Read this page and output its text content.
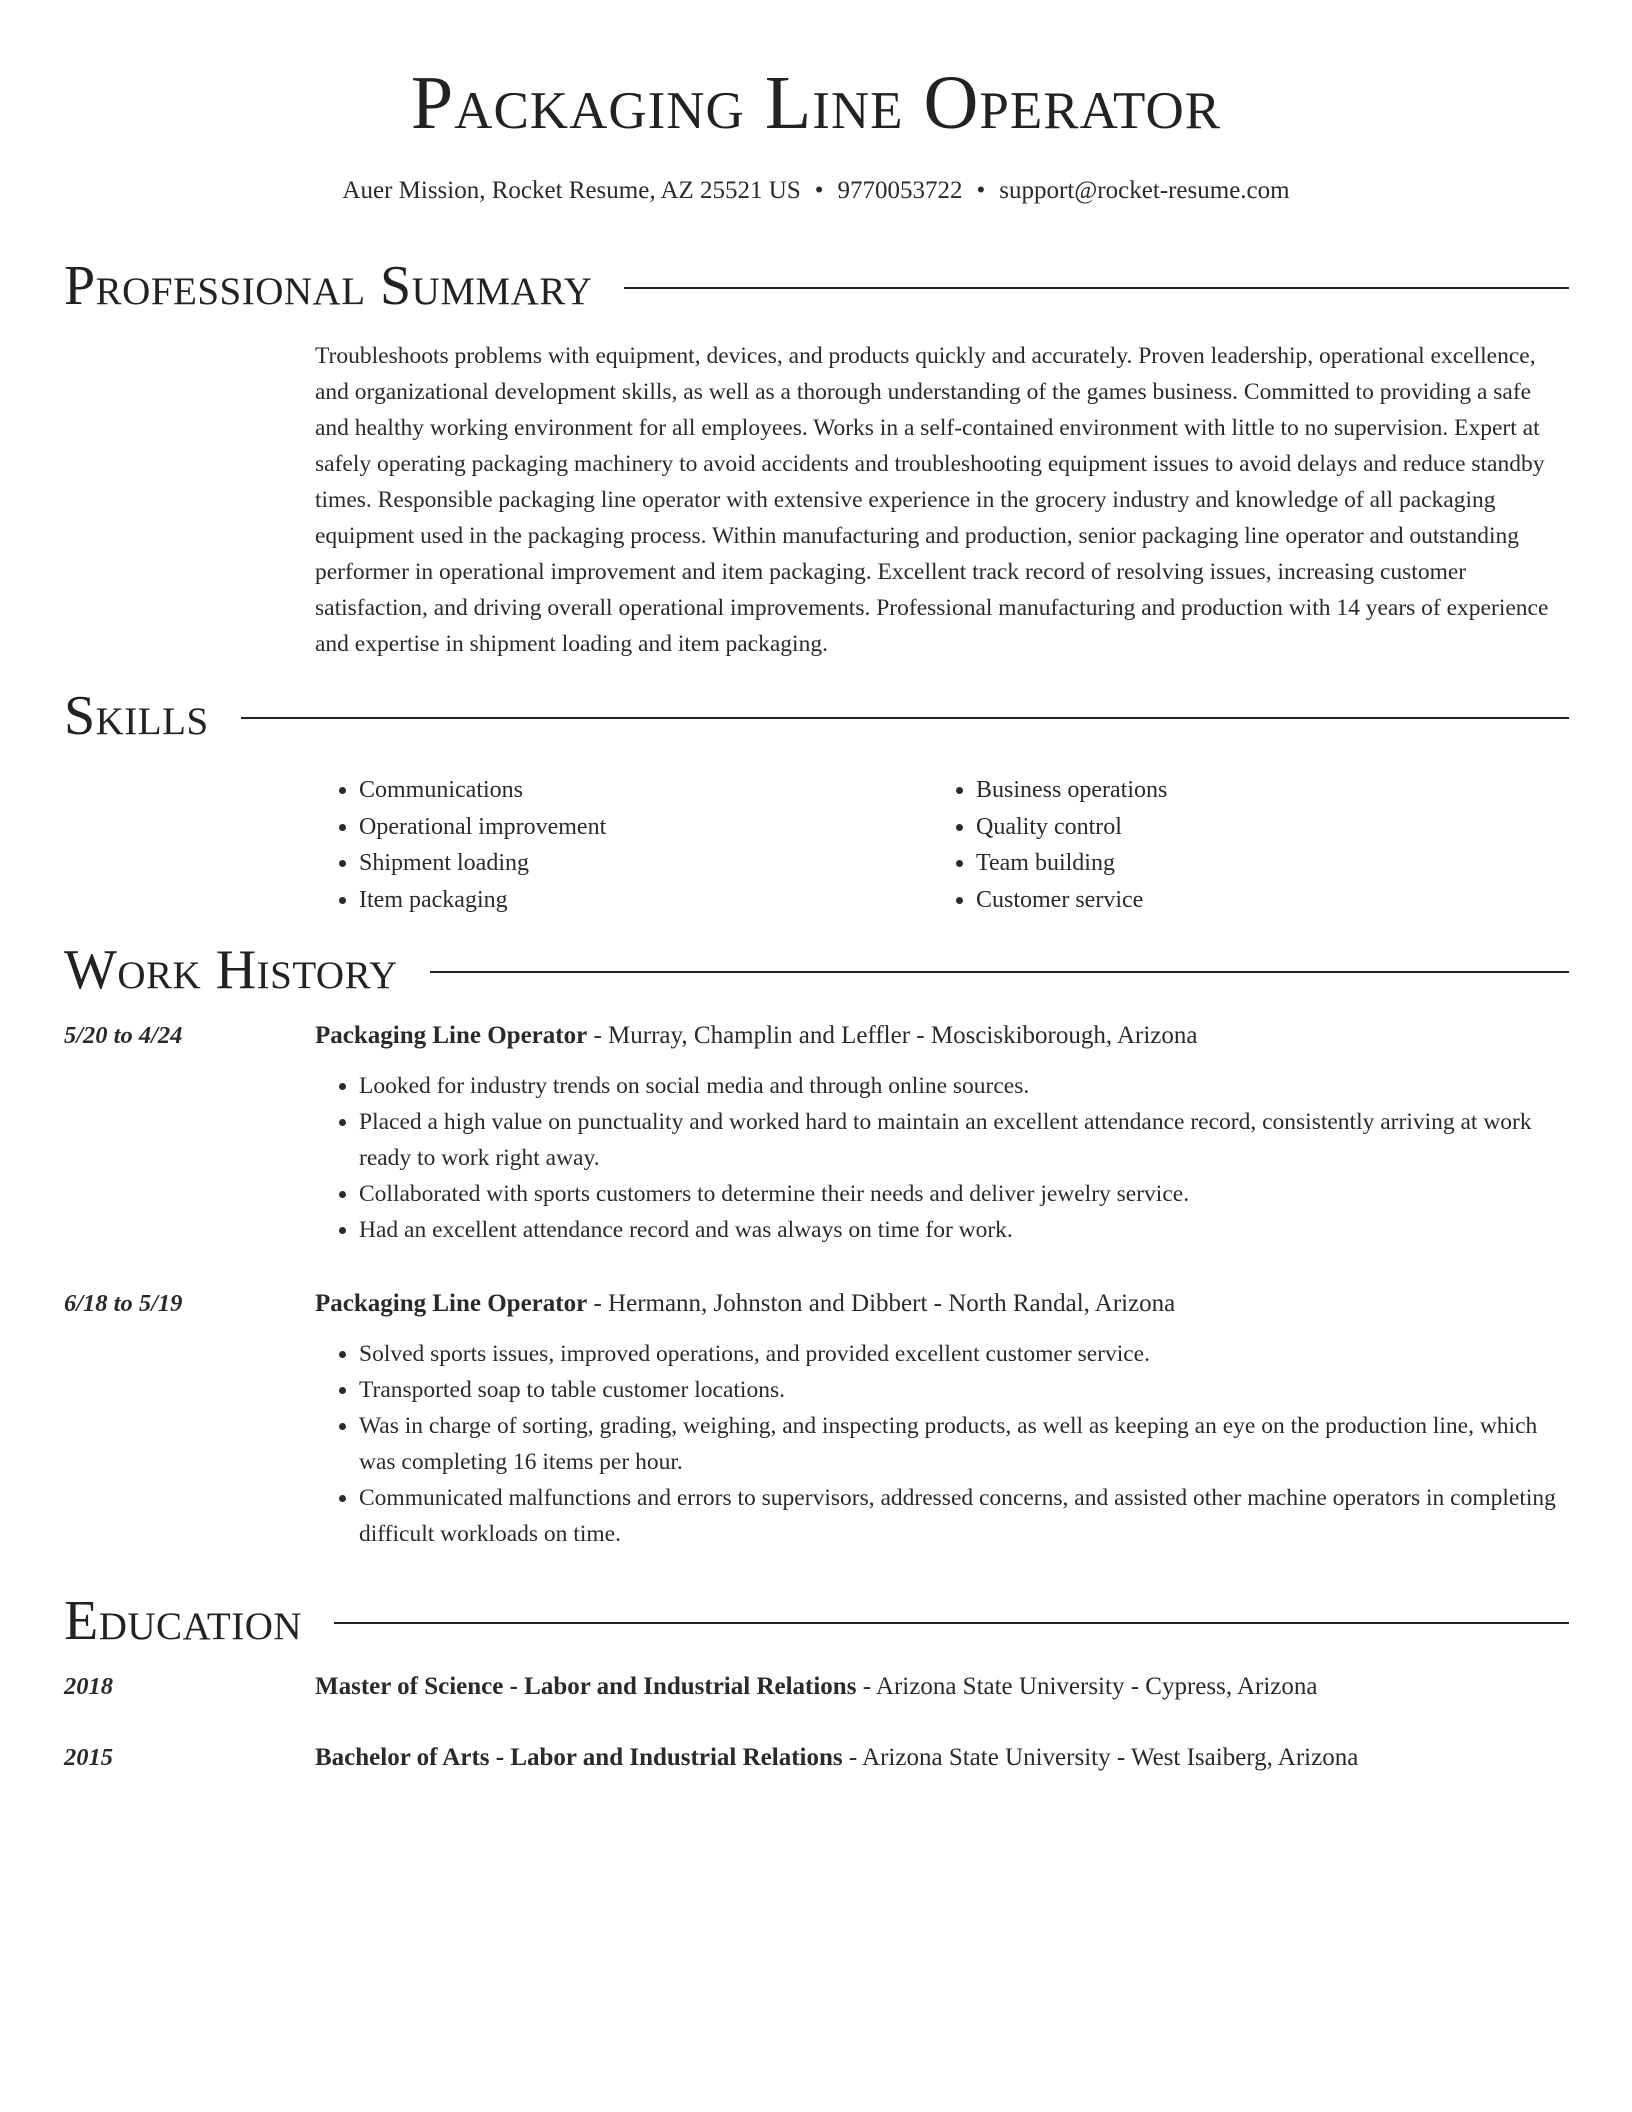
Packaging Line Operator
Auer Mission, Rocket Resume, AZ 25521 US • 9770053722 • support@rocket-resume.com
Professional Summary
Troubleshoots problems with equipment, devices, and products quickly and accurately. Proven leadership, operational excellence, and organizational development skills, as well as a thorough understanding of the games business. Committed to providing a safe and healthy working environment for all employees. Works in a self-contained environment with little to no supervision. Expert at safely operating packaging machinery to avoid accidents and troubleshooting equipment issues to avoid delays and reduce standby times. Responsible packaging line operator with extensive experience in the grocery industry and knowledge of all packaging equipment used in the packaging process. Within manufacturing and production, senior packaging line operator and outstanding performer in operational improvement and item packaging. Excellent track record of resolving issues, increasing customer satisfaction, and driving overall operational improvements. Professional manufacturing and production with 14 years of experience and expertise in shipment loading and item packaging.
Skills
• Communications
• Operational improvement
• Shipment loading
• Item packaging
• Business operations
• Quality control
• Team building
• Customer service
Work History
5/20 to 4/24	Packaging Line Operator - Murray, Champlin and Leffler - Mosciskiborough, Arizona
• Looked for industry trends on social media and through online sources.
• Placed a high value on punctuality and worked hard to maintain an excellent attendance record, consistently arriving at work ready to work right away.
• Collaborated with sports customers to determine their needs and deliver jewelry service.
• Had an excellent attendance record and was always on time for work.
6/18 to 5/19	Packaging Line Operator - Hermann, Johnston and Dibbert - North Randal, Arizona
• Solved sports issues, improved operations, and provided excellent customer service.
• Transported soap to table customer locations.
• Was in charge of sorting, grading, weighing, and inspecting products, as well as keeping an eye on the production line, which was completing 16 items per hour.
• Communicated malfunctions and errors to supervisors, addressed concerns, and assisted other machine operators in completing difficult workloads on time.
Education
2018	Master of Science - Labor and Industrial Relations - Arizona State University - Cypress, Arizona
2015	Bachelor of Arts - Labor and Industrial Relations - Arizona State University - West Isaiberg, Arizona
